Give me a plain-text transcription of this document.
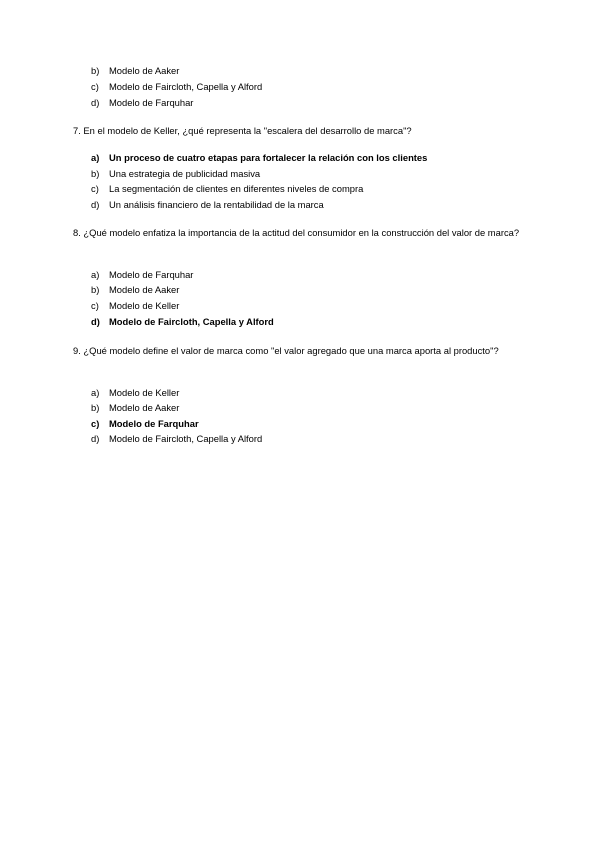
b) Modelo de Aaker
c) Modelo de Faircloth, Capella y Alford
d) Modelo de Farquhar
7. En el modelo de Keller, ¿qué representa la "escalera del desarrollo de marca"?
a) Un proceso de cuatro etapas para fortalecer la relación con los clientes
b) Una estrategia de publicidad masiva
c) La segmentación de clientes en diferentes niveles de compra
d) Un análisis financiero de la rentabilidad de la marca
8. ¿Qué modelo enfatiza la importancia de la actitud del consumidor en la construcción del valor de marca?
a) Modelo de Farquhar
b) Modelo de Aaker
c) Modelo de Keller
d) Modelo de Faircloth, Capella y Alford
9. ¿Qué modelo define el valor de marca como "el valor agregado que una marca aporta al producto"?
a) Modelo de Keller
b) Modelo de Aaker
c) Modelo de Farquhar
d) Modelo de Faircloth, Capella y Alford
